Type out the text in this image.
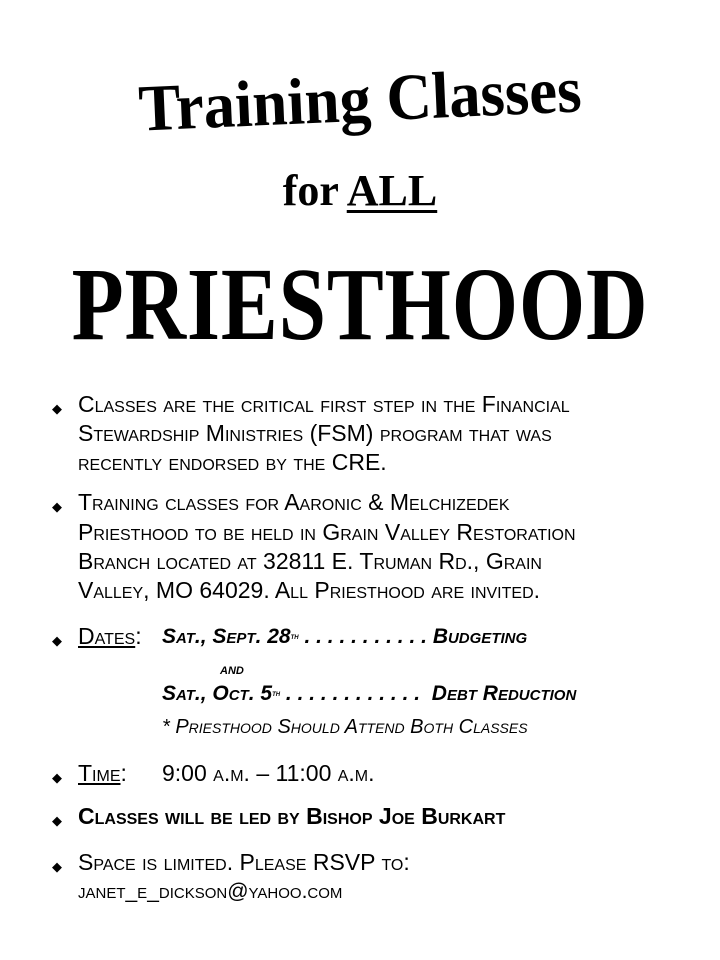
Training Classes
for ALL
PRIESTHOOD
◆ Classes are the critical first step in the Financial
Stewardship Ministries (FSM) program that was
recently endorsed by the CRE.
◆ Training classes for Aaronic & Melchizedek
Priesthood to be held in Grain Valley Restoration
Branch located at 32811 E. Truman Rd., Grain
Valley, MO 64029. All Priesthood are invited.
◆ Dates: Sat., Sept. 28th . . . . . . . . . . . Budgeting
and
Sat., Oct. 5th . . . . . . . . . . . .  Debt Reduction
* Priesthood Should Attend Both Classes
◆ Time: 9:00 a.m. – 11:00 a.m.
◆ Classes will be led by Bishop Joe Burkart
◆ Space is limited. Please RSVP to:
janet_e_dickson@yahoo.com
